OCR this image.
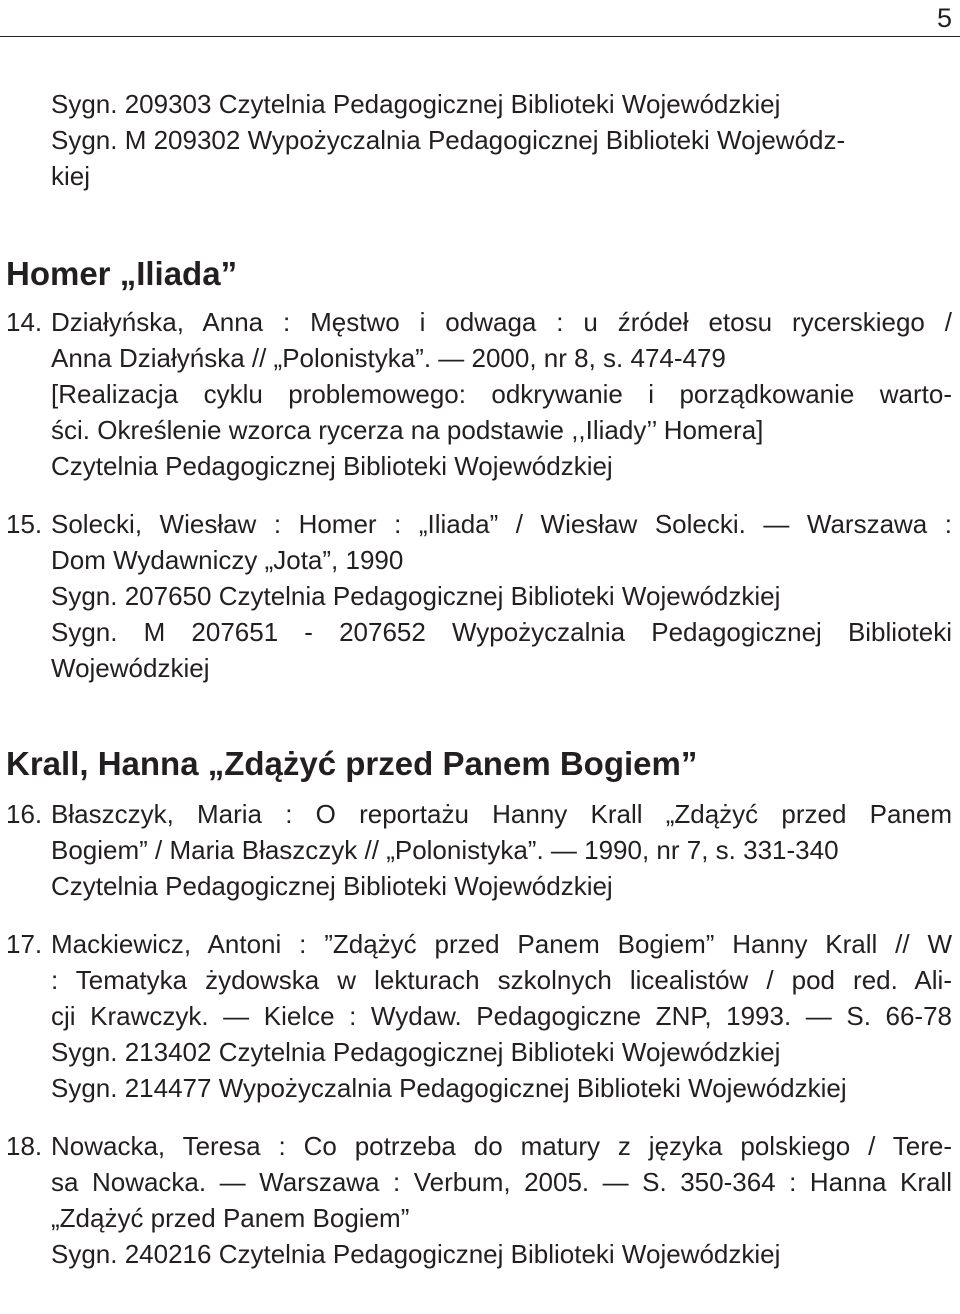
5
Sygn. 209303 Czytelnia Pedagogicznej Biblioteki Wojewódzkiej
Sygn. M 209302 Wypożyczalnia Pedagogicznej Biblioteki Wojewódz-
kiej
Homer „Iliada”
14. Działyńska, Anna : Męstwo i odwaga : u źródeł etosu rycerskiego /
Anna Działyńska // „Polonistyka”. — 2000, nr 8, s. 474-479
[Realizacja cyklu problemowego: odkrywanie i porządkowanie warto-
ści. Określenie wzorca rycerza na podstawie ,,Iliady’’ Homera]
Czytelnia Pedagogicznej Biblioteki Wojewódzkiej
15. Solecki, Wiesław : Homer : „Iliada” / Wiesław Solecki. — Warszawa :
Dom Wydawniczy „Jota”, 1990
Sygn. 207650 Czytelnia Pedagogicznej Biblioteki Wojewódzkiej
Sygn. M 207651 - 207652 Wypożyczalnia Pedagogicznej Biblioteki
Wojewódzkiej
Krall, Hanna „Zdążyć przed Panem Bogiem”
16. Błaszczyk, Maria : O reportażu Hanny Krall „Zdążyć przed Panem
Bogiem” / Maria Błaszczyk // „Polonistyka”. — 1990, nr 7, s. 331-340
Czytelnia Pedagogicznej Biblioteki Wojewódzkiej
17. Mackiewicz, Antoni : ”Zdążyć przed Panem Bogiem” Hanny Krall // W
: Tematyka żydowska w lekturach szkolnych licealistów / pod red. Ali-
cji Krawczyk. — Kielce : Wydaw. Pedagogiczne ZNP, 1993. — S. 66-78
Sygn. 213402 Czytelnia Pedagogicznej Biblioteki Wojewódzkiej
Sygn. 214477 Wypożyczalnia Pedagogicznej Biblioteki Wojewódzkiej
18. Nowacka, Teresa : Co potrzeba do matury z języka polskiego / Tere-
sa Nowacka. — Warszawa : Verbum, 2005. — S. 350-364 : Hanna Krall
„Zdążyć przed Panem Bogiem”
Sygn. 240216 Czytelnia Pedagogicznej Biblioteki Wojewódzkiej
